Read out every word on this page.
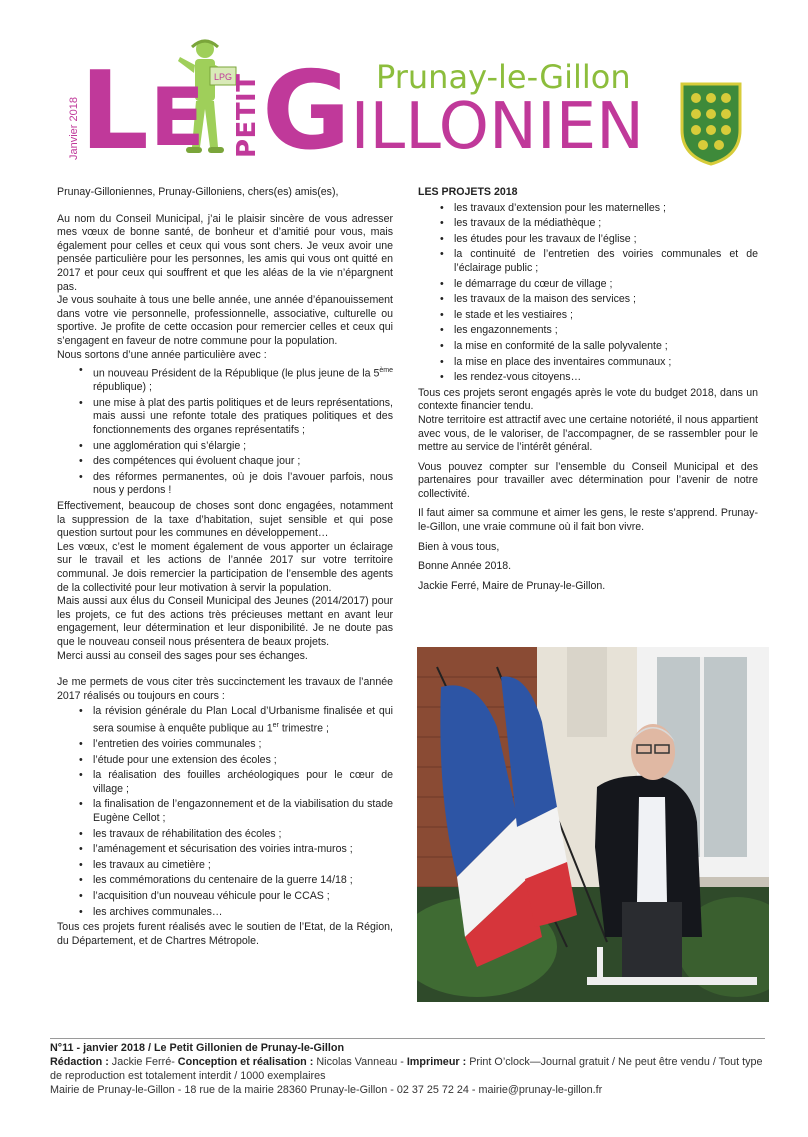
Janvier 2018 L	LPG
E PETIT GILLONIEN
Prunay-le-Gillon

Prunay-Gilloniennes, Prunay-Gilloniens, chers(es) amis(es),

Au nom du Conseil Municipal, j’ai le plaisir sincère de vous adresser mes vœux de bonne santé, de bonheur et d’amitié pour vous, mais également pour celles et ceux qui vous sont chers. Je veux avoir une pensée particulière pour les personnes, les amis qui vous ont quitté en 2017 et pour ceux qui souffrent et que les aléas de la vie n’épargnent pas.

Je vous souhaite à tous une belle année, une année d’épanouissement dans votre vie personnelle, professionnelle, associative, culturelle ou sportive. Je profite de cette occasion pour remercier celles et ceux qui s’engagent en faveur de notre commune pour la population.

Nous sortons d’une année particulière avec :

• un nouveau Président de la République (le plus jeune de la 5ème république) ;
• une mise à plat des partis politiques et de leurs représentations, mais aussi une refonte totale des pratiques politiques et des fonctionnements des organes représentatifs ;
• une agglomération qui s’élargie ;
• des compétences qui évoluent chaque jour ;
• des réformes permanentes, où je dois l’avouer parfois, nous nous y perdons !

Effectivement, beaucoup de choses sont donc engagées, notamment la suppression de la taxe d’habitation, sujet sensible et qui pose question surtout pour les communes en développement…

Les vœux, c’est le moment également de vous apporter un éclairage sur le travail et les actions de l’année 2017 sur votre territoire communal. Je dois remercier la participation de l’ensemble des agents de la collectivité pour leur motivation à servir la population.

Mais aussi aux élus du Conseil Municipal des Jeunes (2014/2017) pour les projets, ce fut des actions très précieuses mettant en avant leur engagement, leur détermination et leur disponibilité. Je ne doute pas que le nouveau conseil nous présentera de beaux projets.

Merci aussi au conseil des sages pour ses échanges.

Je me permets de vous citer très succinctement les travaux de l’année 2017 réalisés ou toujours en cours :

• la révision générale du Plan Local d’Urbanisme finalisée et qui sera soumise à enquête publique au 1er trimestre ;
• l’entretien des voiries communales ;
• l’étude pour une extension des écoles ;
• la réalisation des fouilles archéologiques pour le cœur de village ;
• la finalisation de l’engazonnement et de la viabilisation du stade Eugène Cellot ;
• les travaux de réhabilitation des écoles ;
• l’aménagement et sécurisation des voiries intra-muros ;
• les travaux au cimetière ;
• les commémorations du centenaire de la guerre 14/18 ;
• l’acquisition d’un nouveau véhicule pour le CCAS ;
• les archives communales…

Tous ces projets furent réalisés avec le soutien de l’Etat, de la Région, du Département, et de Chartres Métropole.

LES PROJETS 2018

• les travaux d’extension pour les maternelles ;
• les travaux de la médiathèque ;
• les études pour les travaux de l’église ;
• la continuité de l’entretien des voiries communales et de l’éclairage public ;
• le démarrage du cœur de village ;
• les travaux de la maison des services ;
• le stade et les vestiaires ;
• les engazonnements ;
• la mise en conformité de la salle polyvalente ;
• la mise en place des inventaires communaux ;
• les rendez-vous citoyens…

Tous ces projets seront engagés après le vote du budget 2018, dans un contexte financier tendu.

Notre territoire est attractif avec une certaine notoriété, il nous appartient avec vous, de le valoriser, de l’accompagner, de se rassembler pour le mettre au service de l’intérêt général.

Vous pouvez compter sur l’ensemble du Conseil Municipal et des partenaires pour travailler avec détermination pour l’avenir de notre collectivité.

Il faut aimer sa commune et aimer les gens, le reste s’apprend. Prunay-le-Gillon, une vraie commune où il fait bon vivre.

Bien à vous tous,

Bonne Année 2018.

Jackie Ferré, Maire de Prunay-le-Gillon.

N°11 - janvier 2018 / Le Petit Gillonien de Prunay-le-Gillon
Rédaction : Jackie Ferré- Conception et réalisation : Nicolas Vanneau - Imprimeur : Print O’clock—Journal gratuit / Ne peut être vendu / Tout type de reproduction est totalement interdit / 1000 exemplaires
Mairie de Prunay-le-Gillon - 18 rue de la mairie 28360 Prunay-le-Gillon - 02 37 25 72 24 - mairie@prunay-le-gillon.fr
